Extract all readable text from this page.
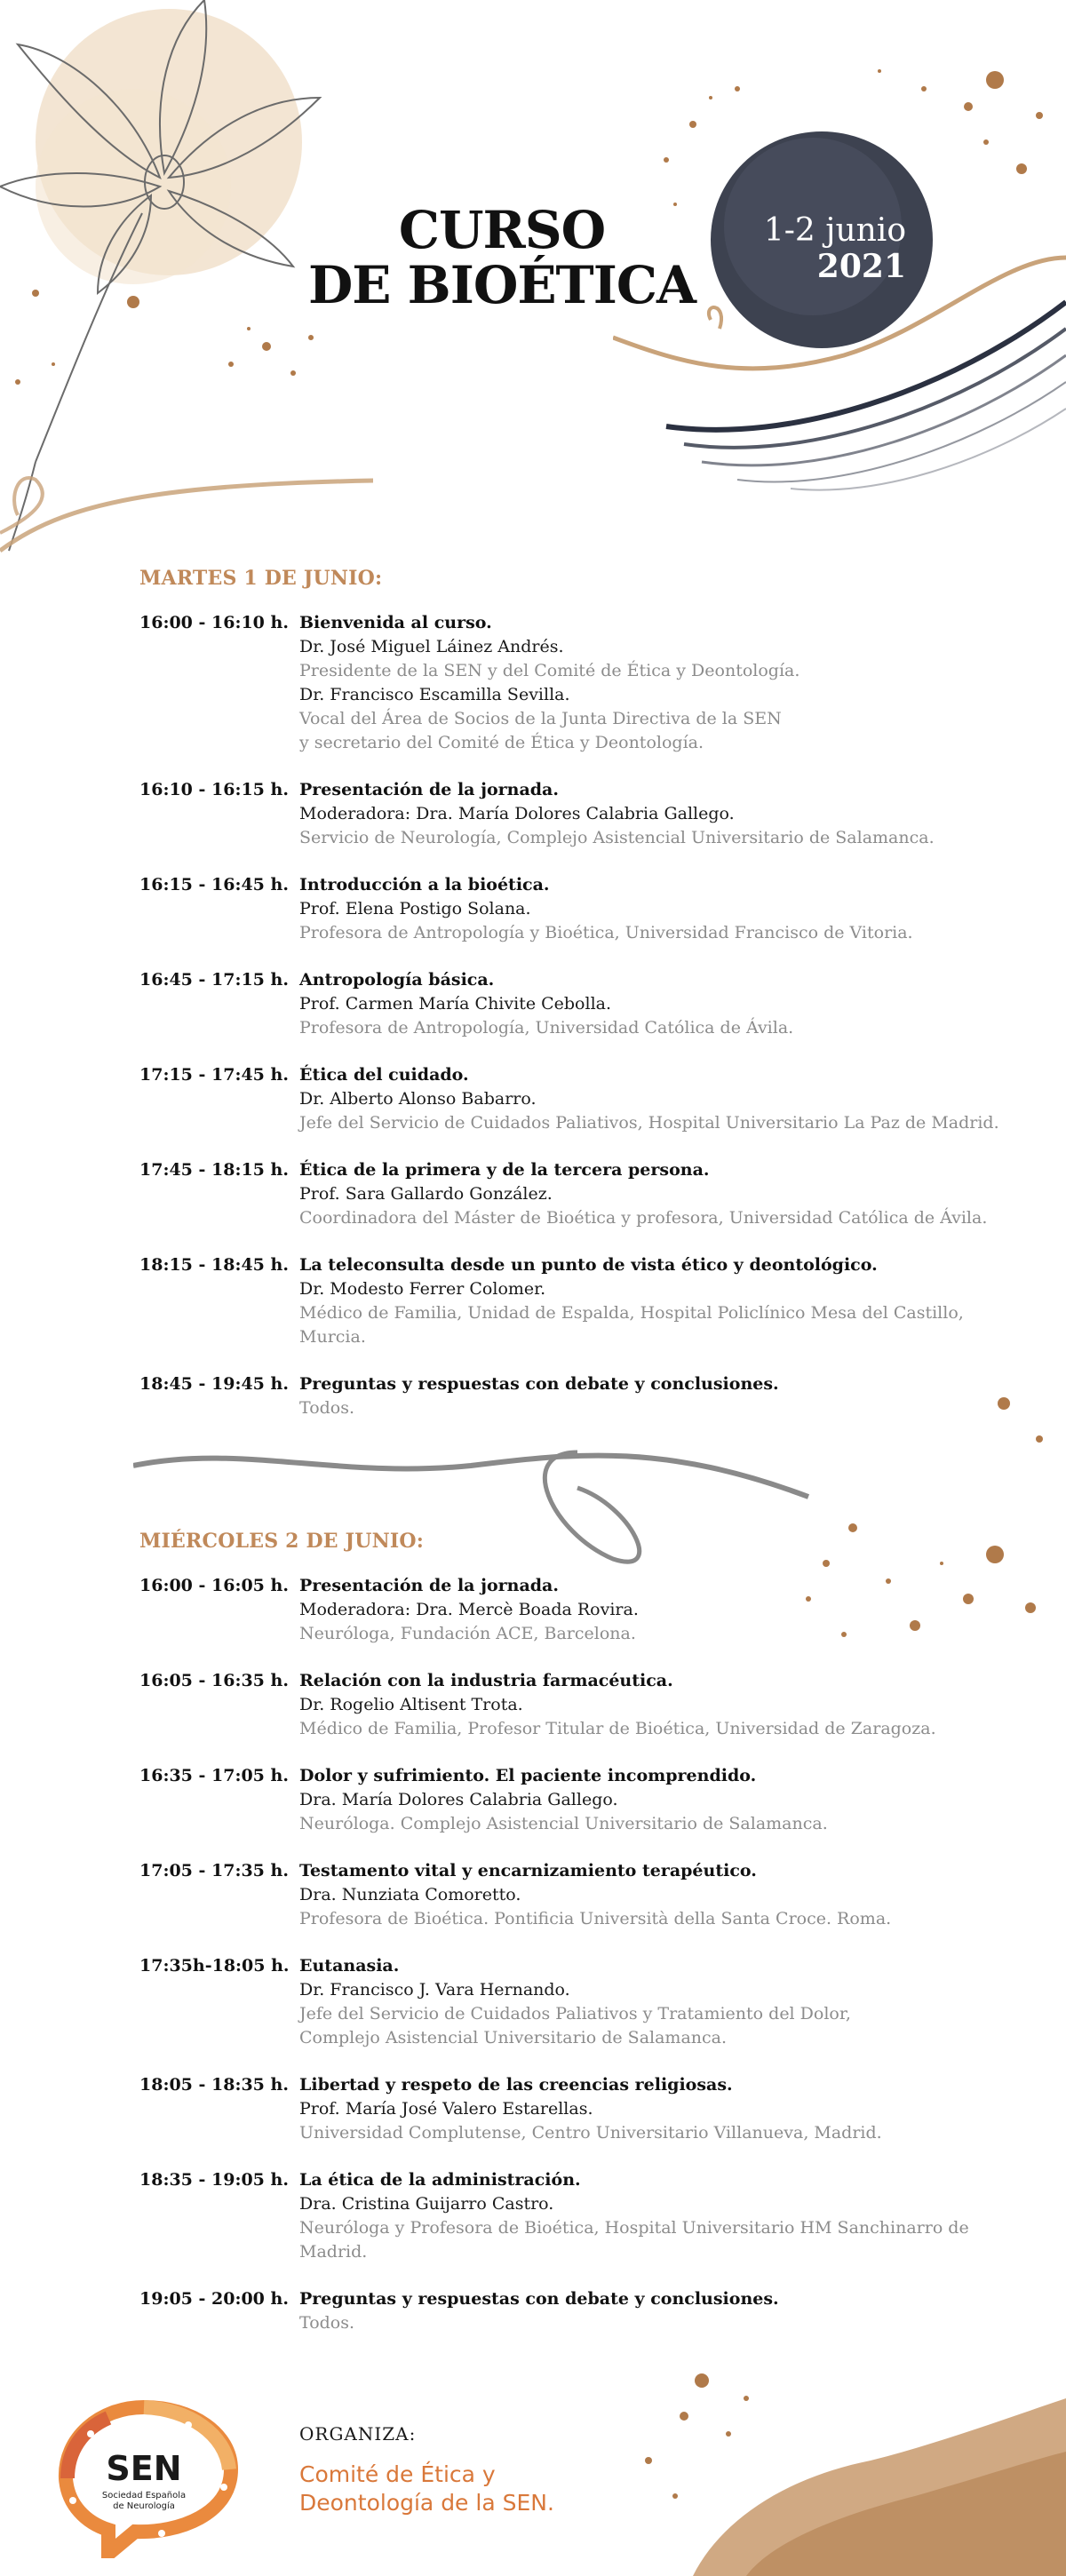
CURSO
DE BIOÉTICA
1-2 junio
2021
MARTES 1 DE JUNIO:
16:00 - 16:10 h. Bienvenida al curso.
Dr. José Miguel Láinez Andrés.
Presidente de la SEN y del Comité de Ética y Deontología.
Dr. Francisco Escamilla Sevilla.
Vocal del Área de Socios de la Junta Directiva de la SEN
y secretario del Comité de Ética y Deontología.
16:10 - 16:15 h. Presentación de la jornada.
Moderadora: Dra. María Dolores Calabria Gallego.
Servicio de Neurología, Complejo Asistencial Universitario de Salamanca.
16:15 - 16:45 h. Introducción a la bioética.
Prof. Elena Postigo Solana.
Profesora de Antropología y Bioética, Universidad Francisco de Vitoria.
16:45 - 17:15 h. Antropología básica.
Prof. Carmen María Chivite Cebolla.
Profesora de Antropología, Universidad Católica de Ávila.
17:15 - 17:45 h. Ética del cuidado.
Dr. Alberto Alonso Babarro.
Jefe del Servicio de Cuidados Paliativos, Hospital Universitario La Paz de Madrid.
17:45 - 18:15 h. Ética de la primera y de la tercera persona.
Prof. Sara Gallardo González.
Coordinadora del Máster de Bioética y profesora, Universidad Católica de Ávila.
18:15 - 18:45 h. La teleconsulta desde un punto de vista ético y deontológico.
Dr. Modesto Ferrer Colomer.
Médico de Familia, Unidad de Espalda, Hospital Policlínico Mesa del Castillo, Murcia.
18:45 - 19:45 h. Preguntas y respuestas con debate y conclusiones.
Todos.
MIÉRCOLES 2 DE JUNIO:
16:00 - 16:05 h. Presentación de la jornada.
Moderadora: Dra. Mercè Boada Rovira.
Neuróloga, Fundación ACE, Barcelona.
16:05 - 16:35 h. Relación con la industria farmacéutica.
Dr. Rogelio Altisent Trota.
Médico de Familia, Profesor Titular de Bioética, Universidad de Zaragoza.
16:35 - 17:05 h. Dolor y sufrimiento. El paciente incomprendido.
Dra. María Dolores Calabria Gallego.
Neuróloga. Complejo Asistencial Universitario de Salamanca.
17:05 - 17:35 h. Testamento vital y encarnizamiento terapéutico.
Dra. Nunziata Comoretto.
Profesora de Bioética. Pontificia Università della Santa Croce. Roma.
17:35h-18:05 h. Eutanasia.
Dr. Francisco J. Vara Hernando.
Jefe del Servicio de Cuidados Paliativos y Tratamiento del Dolor,
Complejo Asistencial Universitario de Salamanca.
18:05 - 18:35 h. Libertad y respeto de las creencias religiosas.
Prof. María José Valero Estarellas.
Universidad Complutense, Centro Universitario Villanueva, Madrid.
18:35 - 19:05 h. La ética de la administración.
Dra. Cristina Guijarro Castro.
Neuróloga y Profesora de Bioética, Hospital Universitario HM Sanchinarro de Madrid.
19:05 - 20:00 h. Preguntas y respuestas con debate y conclusiones.
Todos.
SEN
Sociedad Española
de Neurología
ORGANIZA:
Comité de Ética y
Deontología de la SEN.
